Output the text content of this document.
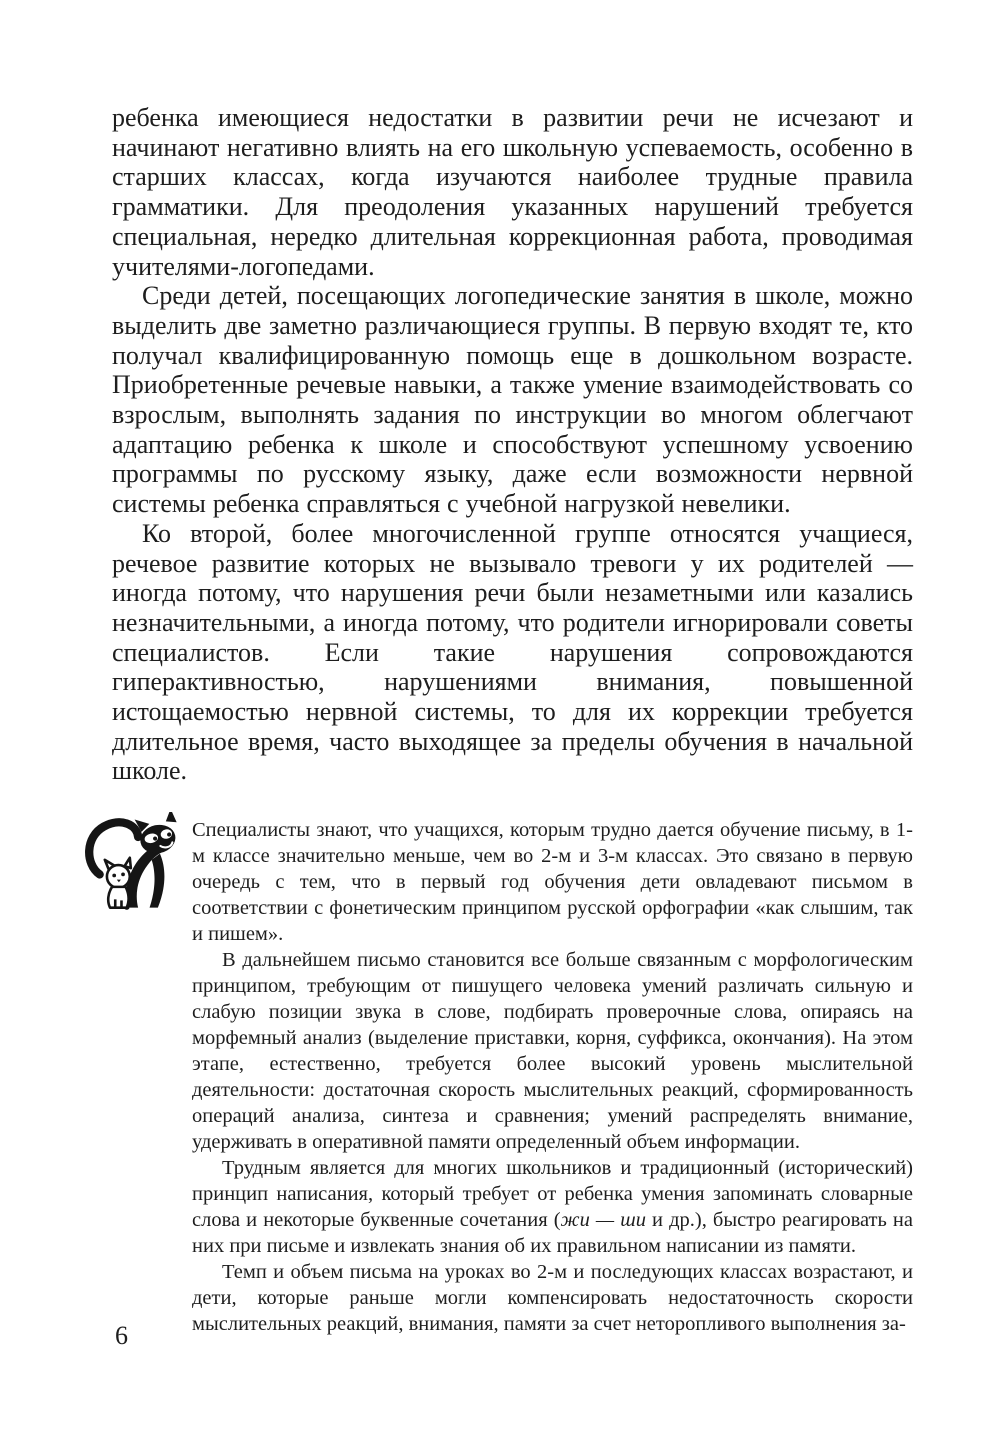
ребенка имеющиеся недостатки в развитии речи не исчезают и начинают негативно влиять на его школьную успеваемость, особенно в старших классах, когда изучаются наиболее трудные правила грамматики. Для преодоления указанных нарушений требуется специальная, нередко длительная коррекционная работа, проводимая учителями-логопедами.

Среди детей, посещающих логопедические занятия в школе, можно выделить две заметно различающиеся группы. В первую входят те, кто получал квалифицированную помощь еще в дошкольном возрасте. Приобретенные речевые навыки, а также умение взаимодействовать со взрослым, выполнять задания по инструкции во многом облегчают адаптацию ребенка к школе и способствуют успешному усвоению программы по русскому языку, даже если возможности нервной системы ребенка справляться с учебной нагрузкой невелики.

Ко второй, более многочисленной группе относятся учащиеся, речевое развитие которых не вызывало тревоги у их родителей — иногда потому, что нарушения речи были незаметными или казались незначительными, а иногда потому, что родители игнорировали советы специалистов. Если такие нарушения сопровождаются гиперактивностью, нарушениями внимания, повышенной истощаемостью нервной системы, то для их коррекции требуется длительное время, часто выходящее за пределы обучения в начальной школе.

Специалисты знают, что учащихся, которым трудно дается обучение письму, в 1-м классе значительно меньше, чем во 2-м и 3-м классах. Это связано в первую очередь с тем, что в первый год обучения дети овладевают письмом в соответствии с фонетическим принципом русской орфографии «как слышим, так и пишем».

В дальнейшем письмо становится все больше связанным с морфологическим принципом, требующим от пишущего человека умений различать сильную и слабую позиции звука в слове, подбирать проверочные слова, опираясь на морфемный анализ (выделение приставки, корня, суффикса, окончания). На этом этапе, естественно, требуется более высокий уровень мыслительной деятельности: достаточная скорость мыслительных реакций, сформированность операций анализа, синтеза и сравнения; умений распределять внимание, удерживать в оперативной памяти определенный объем информации.

Трудным является для многих школьников и традиционный (исторический) принцип написания, который требует от ребенка умения запоминать словарные слова и некоторые буквенные сочетания (жи — ши и др.), быстро реагировать на них при письме и извлекать знания об их правильном написании из памяти.

Темп и объем письма на уроках во 2-м и последующих классах возрастают, и дети, которые раньше могли компенсировать недостаточность скорости мыслительных реакций, внимания, памяти за счет неторопливого выполнения за-

6
